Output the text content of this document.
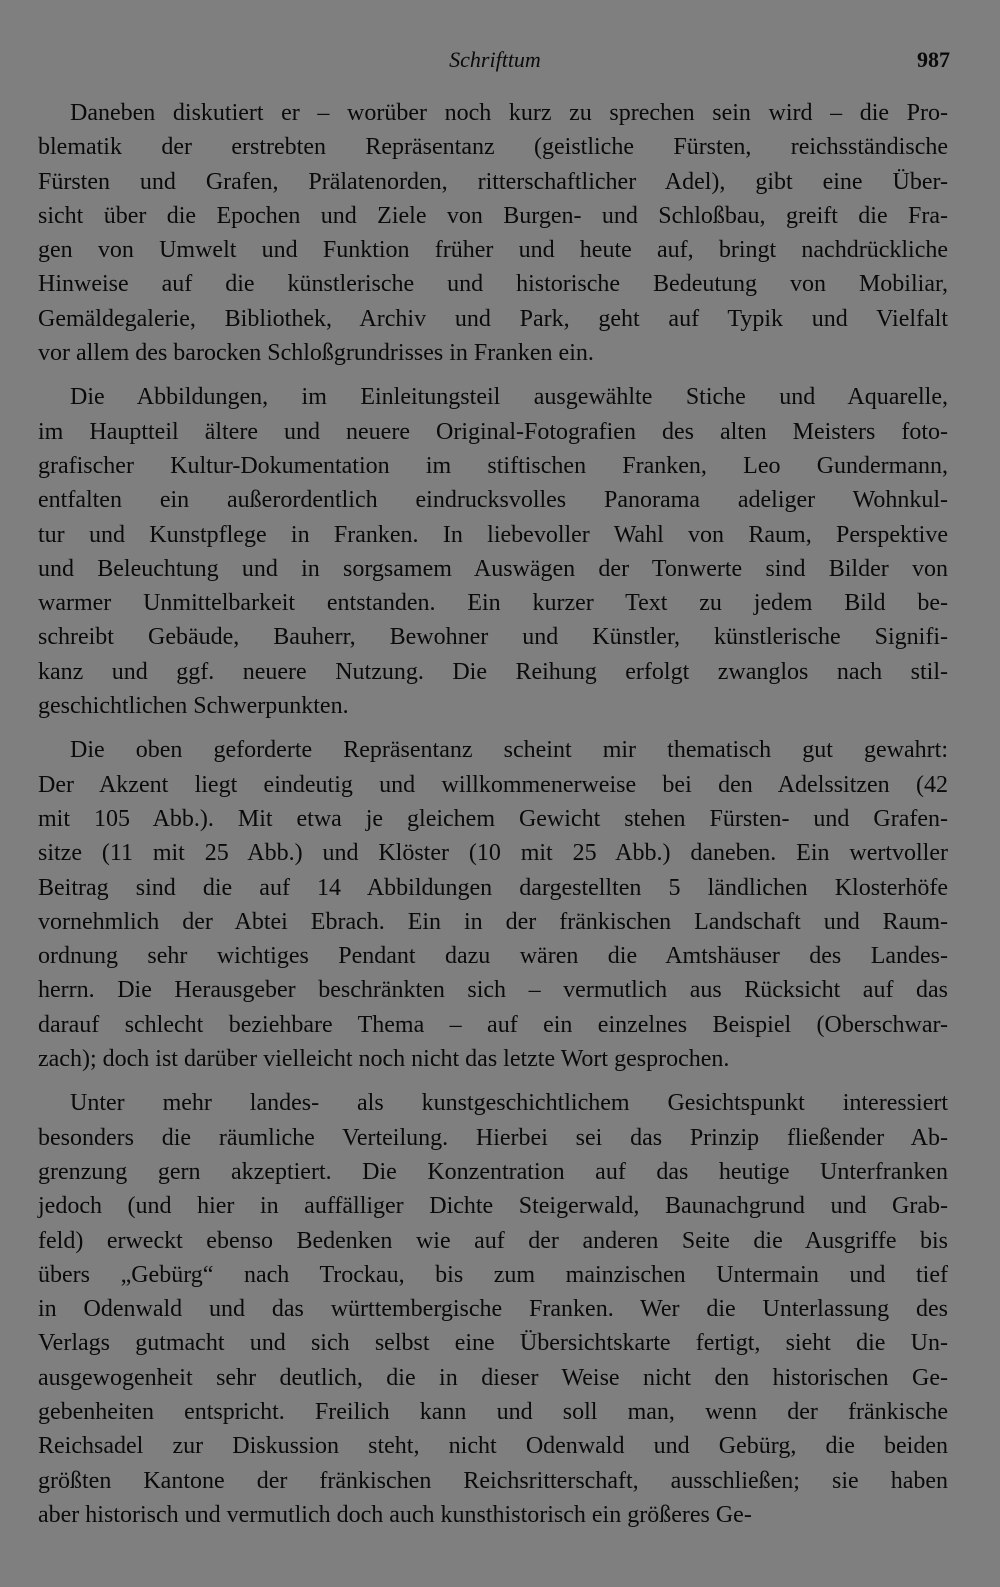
Schrifttum	987
Daneben diskutiert er – worüber noch kurz zu sprechen sein wird – die Pro-
blematik der erstrebten Repräsentanz (geistliche Fürsten, reichsständische
Fürsten und Grafen, Prälatenorden, ritterschaftlicher Adel), gibt eine Über-
sicht über die Epochen und Ziele von Burgen- und Schloßbau, greift die Fra-
gen von Umwelt und Funktion früher und heute auf, bringt nachdrückliche
Hinweise auf die künstlerische und historische Bedeutung von Mobiliar,
Gemäldegalerie, Bibliothek, Archiv und Park, geht auf Typik und Vielfalt
vor allem des barocken Schloßgrundrisses in Franken ein.
Die Abbildungen, im Einleitungsteil ausgewählte Stiche und Aquarelle,
im Hauptteil ältere und neuere Original-Fotografien des alten Meisters foto-
grafischer Kultur-Dokumentation im stiftischen Franken, Leo Gundermann,
entfalten ein außerordentlich eindrucksvolles Panorama adeliger Wohnkul-
tur und Kunstpflege in Franken. In liebevoller Wahl von Raum, Perspektive
und Beleuchtung und in sorgsamem Auswägen der Tonwerte sind Bilder von
warmer Unmittelbarkeit entstanden. Ein kurzer Text zu jedem Bild be-
schreibt Gebäude, Bauherr, Bewohner und Künstler, künstlerische Signifi-
kanz und ggf. neuere Nutzung. Die Reihung erfolgt zwanglos nach stil-
geschichtlichen Schwerpunkten.
Die oben geforderte Repräsentanz scheint mir thematisch gut gewahrt:
Der Akzent liegt eindeutig und willkommenerweise bei den Adelssitzen (42
mit 105 Abb.). Mit etwa je gleichem Gewicht stehen Fürsten- und Grafen-
sitze (11 mit 25 Abb.) und Klöster (10 mit 25 Abb.) daneben. Ein wertvoller
Beitrag sind die auf 14 Abbildungen dargestellten 5 ländlichen Klosterhöfe
vornehmlich der Abtei Ebrach. Ein in der fränkischen Landschaft und Raum-
ordnung sehr wichtiges Pendant dazu wären die Amtshäuser des Landes-
herrn. Die Herausgeber beschränkten sich – vermutlich aus Rücksicht auf das
darauf schlecht beziehbare Thema – auf ein einzelnes Beispiel (Oberschwar-
zach); doch ist darüber vielleicht noch nicht das letzte Wort gesprochen.
Unter mehr landes- als kunstgeschichtlichem Gesichtspunkt interessiert
besonders die räumliche Verteilung. Hierbei sei das Prinzip fließender Ab-
grenzung gern akzeptiert. Die Konzentration auf das heutige Unterfranken
jedoch (und hier in auffälliger Dichte Steigerwald, Baunachgrund und Grab-
feld) erweckt ebenso Bedenken wie auf der anderen Seite die Ausgriffe bis
übers „Gebürg“ nach Trockau, bis zum mainzischen Untermain und tief
in Odenwald und das württembergische Franken. Wer die Unterlassung des
Verlags gutmacht und sich selbst eine Übersichtskarte fertigt, sieht die Un-
ausgewogenheit sehr deutlich, die in dieser Weise nicht den historischen Ge-
gebenheiten entspricht. Freilich kann und soll man, wenn der fränkische
Reichsadel zur Diskussion steht, nicht Odenwald und Gebürg, die beiden
größten Kantone der fränkischen Reichsritterschaft, ausschließen; sie haben
aber historisch und vermutlich doch auch kunsthistorisch ein größeres Ge-
